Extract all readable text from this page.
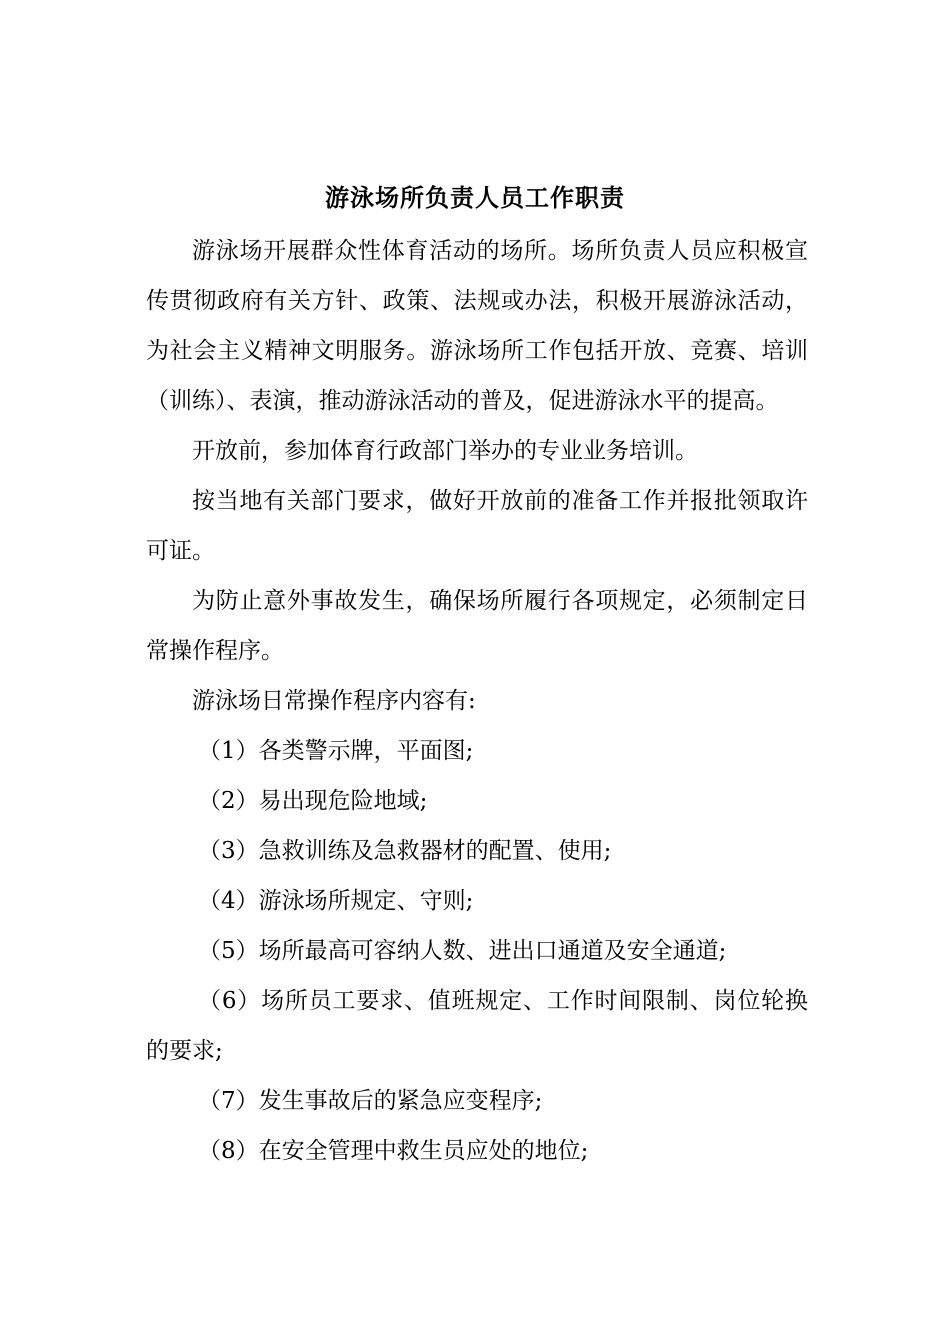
游泳场所负责人员工作职责

游泳场开展群众性体育活动的场所。场所负责人员应积极宣传贯彻政府有关方针、政策、法规或办法，积极开展游泳活动，为社会主义精神文明服务。游泳场所工作包括开放、竞赛、培训（训练）、表演，推动游泳活动的普及，促进游泳水平的提高。

开放前，参加体育行政部门举办的专业业务培训。

按当地有关部门要求，做好开放前的准备工作并报批领取许可证。

为防止意外事故发生，确保场所履行各项规定，必须制定日常操作程序。

游泳场日常操作程序内容有:

（1）各类警示牌，平面图;

（2）易出现危险地域;

（3）急救训练及急救器材的配置、使用;

（4）游泳场所规定、守则;

（5）场所最高可容纳人数、进出口通道及安全通道;

（6）场所员工要求、值班规定、工作时间限制、岗位轮换的要求;

（7）发生事故后的紧急应变程序;

（8）在安全管理中救生员应处的地位;
